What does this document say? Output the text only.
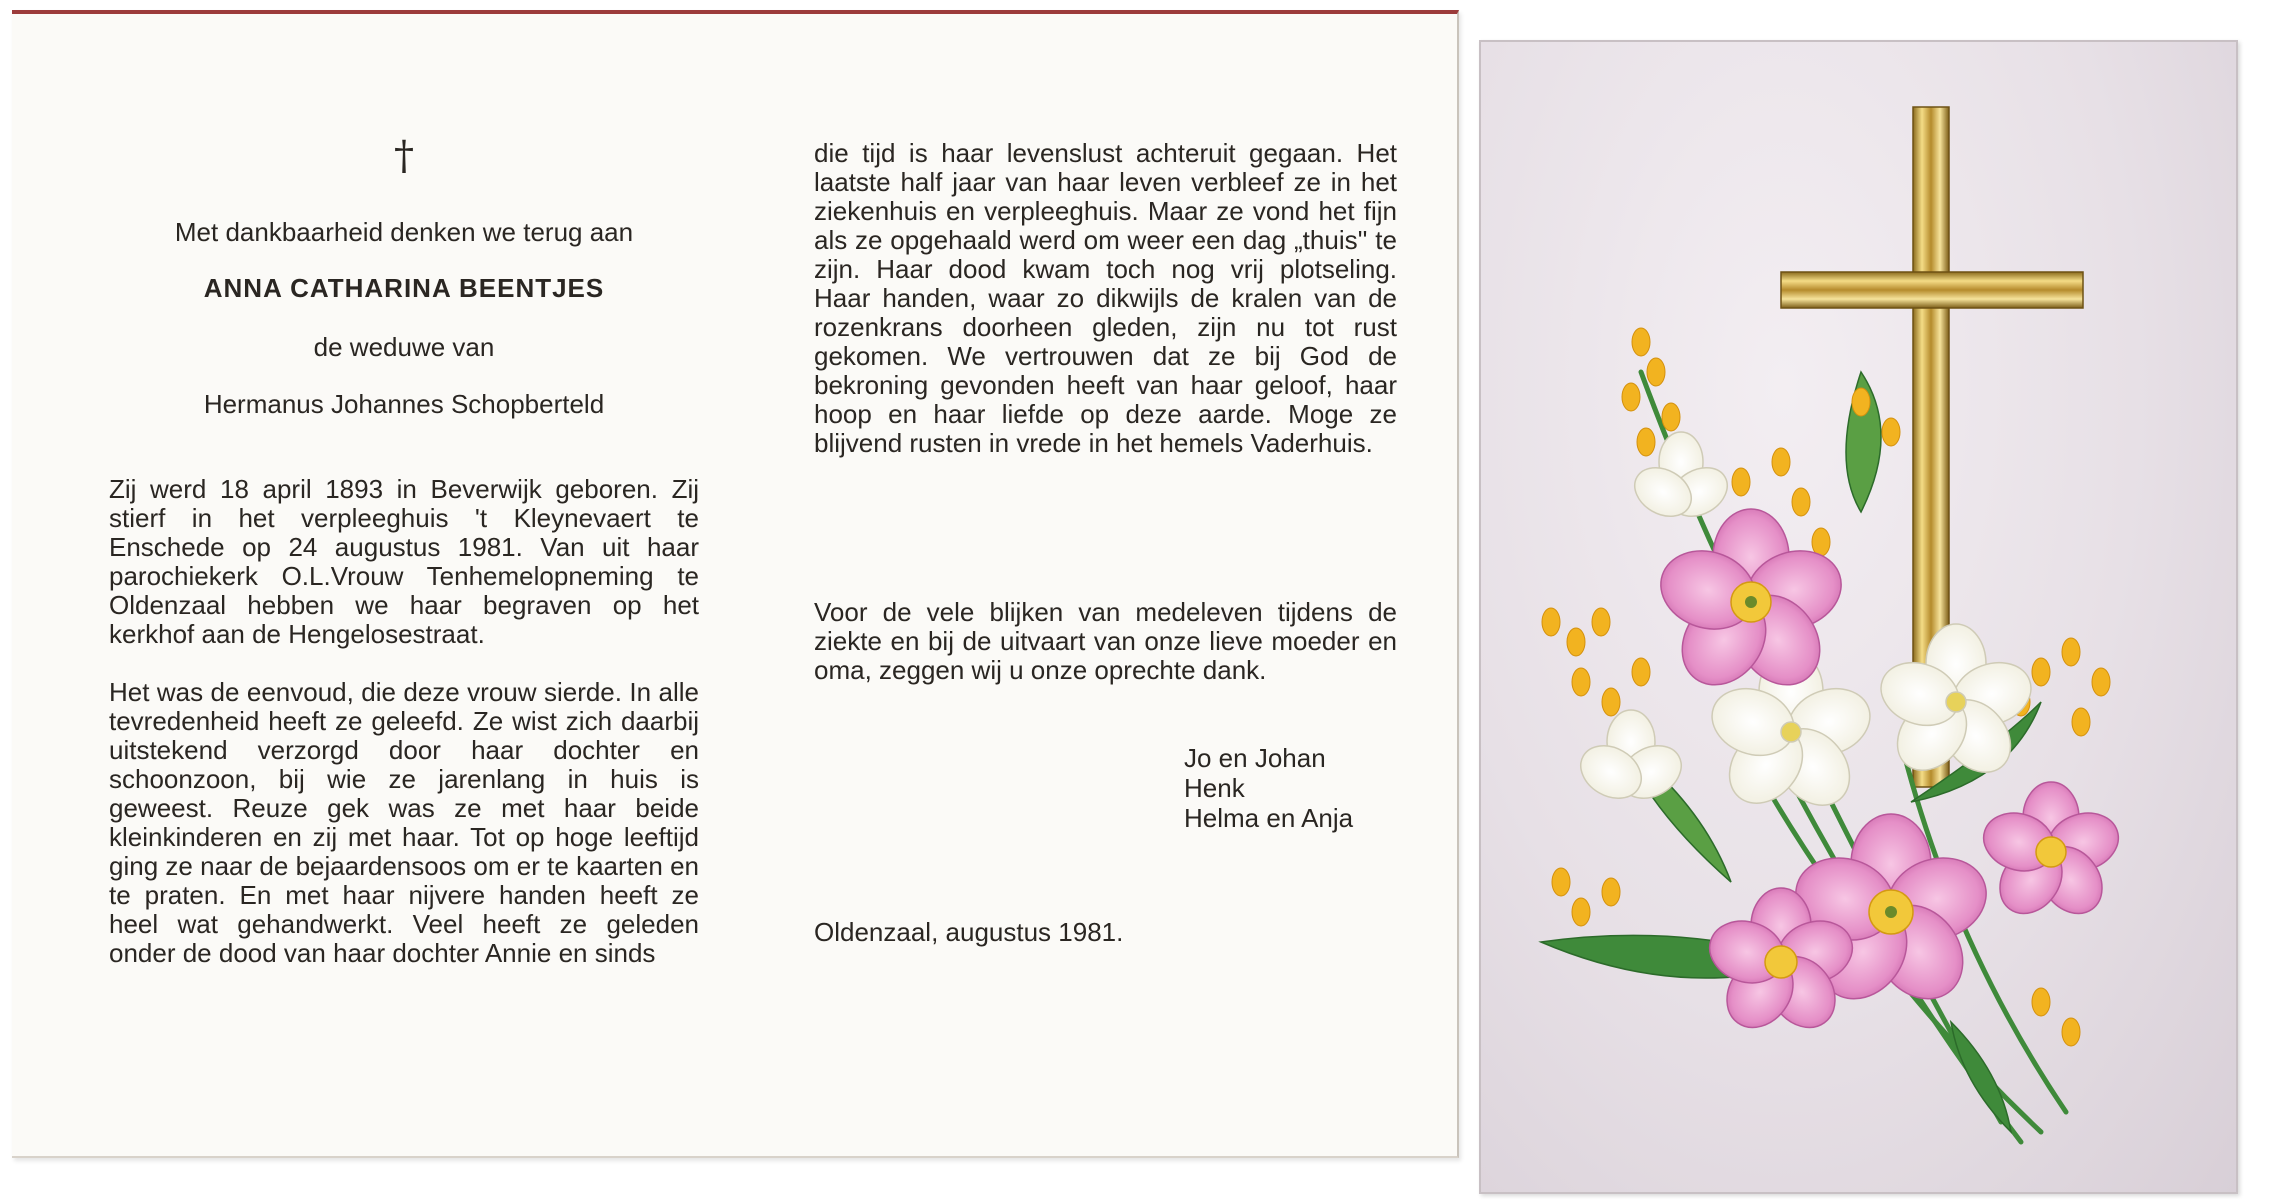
†

Met dankbaarheid denken we terug aan

ANNA CATHARINA BEENTJES

de weduwe van

Hermanus Johannes Schopberteld

Zij werd 18 april 1893 in Beverwijk geboren. Zij stierf in het verpleeghuis 't Kleynevaert te Enschede op 24 augustus 1981. Van uit haar parochiekerk O.L.Vrouw Tenhemelopneming te Oldenzaal hebben we haar begraven op het kerkhof aan de Hengelosestraat.

Het was de eenvoud, die deze vrouw sierde. In alle tevredenheid heeft ze geleefd. Ze wist zich daarbij uitstekend verzorgd door haar dochter en schoonzoon, bij wie ze jarenlang in huis is geweest. Reuze gek was ze met haar beide kleinkinderen en zij met haar. Tot op hoge leeftijd ging ze naar de bejaardensoos om er te kaarten en te praten. En met haar nijvere handen heeft ze heel wat gehandwerkt. Veel heeft ze geleden onder de dood van haar dochter Annie en sinds

die tijd is haar levenslust achteruit gegaan. Het laatste half jaar van haar leven verbleef ze in het ziekenhuis en verpleeghuis. Maar ze vond het fijn als ze opgehaald werd om weer een dag „thuis'' te zijn. Haar dood kwam toch nog vrij plotseling. Haar handen, waar zo dikwijls de kralen van de rozenkrans doorheen gleden, zijn nu tot rust gekomen. We vertrouwen dat ze bij God de bekroning gevonden heeft van haar geloof, haar hoop en haar liefde op deze aarde. Moge ze blijvend rusten in vrede in het hemels Vaderhuis.

Voor de vele blijken van medeleven tijdens de ziekte en bij de uitvaart van onze lieve moeder en oma, zeggen wij u onze oprechte dank.

Jo en Johan
Henk
Helma en Anja

Oldenzaal, augustus 1981.
